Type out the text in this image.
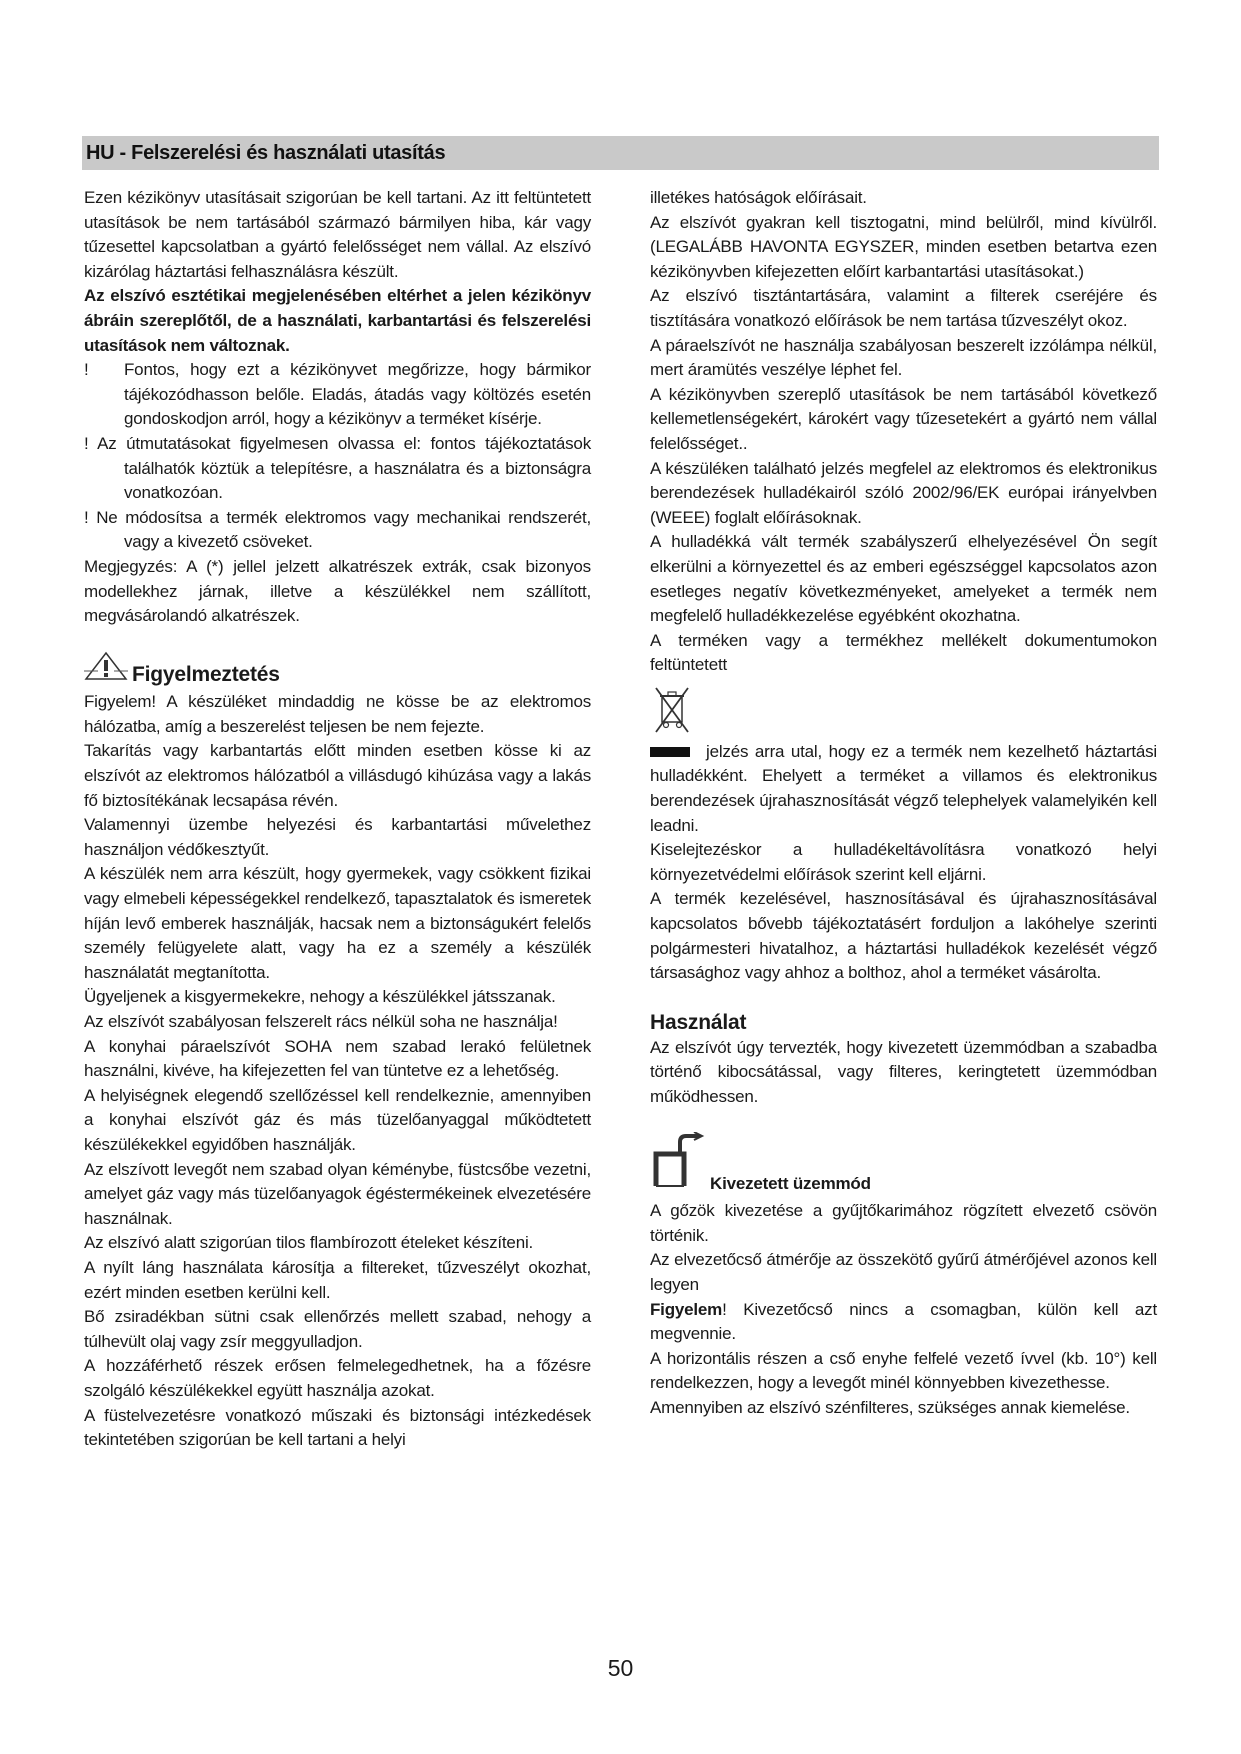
HU - Felszerelési és használati utasítás

Ezen kézikönyv utasításait szigorúan be kell tartani. Az itt feltüntetett utasítások be nem tartásából származó bármilyen hiba, kár vagy tűzesettel kapcsolatban a gyártó felelősséget nem vállal. Az elszívó kizárólag háztartási felhasználásra készült.

Az elszívó esztétikai megjelenésében eltérhet a jelen kézikönyv ábráin szereplőtől, de a használati, karbantartási és felszerelési utasítások nem változnak.

! Fontos, hogy ezt a kézikönyvet megőrizze, hogy bármikor tájékozódhasson belőle. Eladás, átadás vagy költözés esetén gondoskodjon arról, hogy a kézikönyv a terméket kísérje.

! Az útmutatásokat figyelmesen olvassa el: fontos tájékoztatások találhatók köztük a telepítésre, a használatra és a biztonságra vonatkozóan.

! Ne módosítsa a termék elektromos vagy mechanikai rendszerét, vagy a kivezető csöveket.

Megjegyzés: A (*) jellel jelzett alkatrészek extrák, csak bizonyos modellekhez járnak, illetve a készülékkel nem szállított, megvásárolandó alkatrészek.

Figyelmeztetés

Figyelem! A készüléket mindaddig ne kösse be az elektromos hálózatba, amíg a beszerelést teljesen be nem fejezte.

Takarítás vagy karbantartás előtt minden esetben kösse ki az elszívót az elektromos hálózatból a villásdugó kihúzása vagy a lakás fő biztosítékának lecsapása révén.

Valamennyi üzembe helyezési és karbantartási művelethez használjon védőkesztyűt.

A készülék nem arra készült, hogy gyermekek, vagy csökkent fizikai vagy elmebeli képességekkel rendelkező, tapasztalatok és ismeretek híján levő emberek használják, hacsak nem a biztonságukért felelős személy felügyelete alatt, vagy ha ez a személy a készülék használatát megtanította.

Ügyeljenek a kisgyermekekre, nehogy a készülékkel játsszanak.

Az elszívót szabályosan felszerelt rács nélkül soha ne használja!

A konyhai páraelszívót SOHA nem szabad lerakó felületnek használni, kivéve, ha kifejezetten fel van tüntetve ez a lehetőség.

A helyiségnek elegendő szellőzéssel kell rendelkeznie, amennyiben a konyhai elszívót gáz és más tüzelőanyaggal működtetett készülékekkel egyidőben használják.

Az elszívott levegőt nem szabad olyan kéménybe, füstcsőbe vezetni, amelyet gáz vagy más tüzelőanyagok égéstermékeinek elvezetésére használnak.

Az elszívó alatt szigorúan tilos flambírozott ételeket készíteni.

A nyílt láng használata károsítja a filtereket, tűzveszélyt okozhat, ezért minden esetben kerülni kell.

Bő zsiradékban sütni csak ellenőrzés mellett szabad, nehogy a túlhevült olaj vagy zsír meggyulladjon.

A hozzáférhető részek erősen felmelegedhetnek, ha a főzésre szolgáló készülékekkel együtt használja azokat.

A füstelvezetésre vonatkozó műszaki és biztonsági intézkedések tekintetében szigorúan be kell tartani a helyi

illetékes hatóságok előírásait.

Az elszívót gyakran kell tisztogatni, mind belülről, mind kívülről. (LEGALÁBB HAVONTA EGYSZER, minden esetben betartva ezen kézikönyvben kifejezetten előírt karbantartási utasításokat.)

Az elszívó tisztántartására, valamint a filterek cseréjére és tisztítására vonatkozó előírások be nem tartása tűzveszélyt okoz.

A páraelszívót ne használja szabályosan beszerelt izzólámpa nélkül, mert áramütés veszélye léphet fel.

A kézikönyvben szereplő utasítások be nem tartásából következő kellemetlenségekért, károkért vagy tűzesetekért a gyártó nem vállal felelősséget..

A készüléken található jelzés megfelel az elektromos és elektronikus berendezések hulladékairól szóló 2002/96/EK európai irányelvben (WEEE) foglalt előírásoknak.

A hulladékká vált termék szabályszerű elhelyezésével Ön segít elkerülni a környezettel és az emberi egészséggel kapcsolatos azon esetleges negatív következményeket, amelyeket a termék nem megfelelő hulladékkezelése egyébként okozhatna.

A terméken vagy a termékhez mellékelt dokumentumokon feltüntetett

jelzés arra utal, hogy ez a termék nem kezelhető háztartási hulladékként. Ehelyett a terméket a villamos és elektronikus berendezések újrahasznosítását végző telephelyek valamelyikén kell leadni.

Kiselejtezéskor a hulladékeltávolításra vonatkozó helyi környezetvédelmi előírások szerint kell eljárni.

A termék kezelésével, hasznosításával és újrahasznosításával kapcsolatos bővebb tájékoztatásért forduljon a lakóhelye szerinti polgármesteri hivatalhoz, a háztartási hulladékok kezelését végző társasághoz vagy ahhoz a bolthoz, ahol a terméket vásárolta.

Használat

Az elszívót úgy tervezték, hogy kivezetett üzemmódban a szabadba történő kibocsátással, vagy filteres, keringtetett üzemmódban működhessen.

Kivezetett üzemmód

A gőzök kivezetése a gyűjtőkarimához rögzített elvezető csövön történik.

Az elvezetőcső átmérője az összekötő gyűrű átmérőjével azonos kell legyen

Figyelem! Kivezetőcső nincs a csomagban, külön kell azt megvennie.

A horizontális részen a cső enyhe felfelé vezető ívvel (kb. 10°) kell rendelkezzen, hogy a levegőt minél könnyebben kivezethesse.

Amennyiben az elszívó szénfilteres, szükséges annak kiemelése.

50
